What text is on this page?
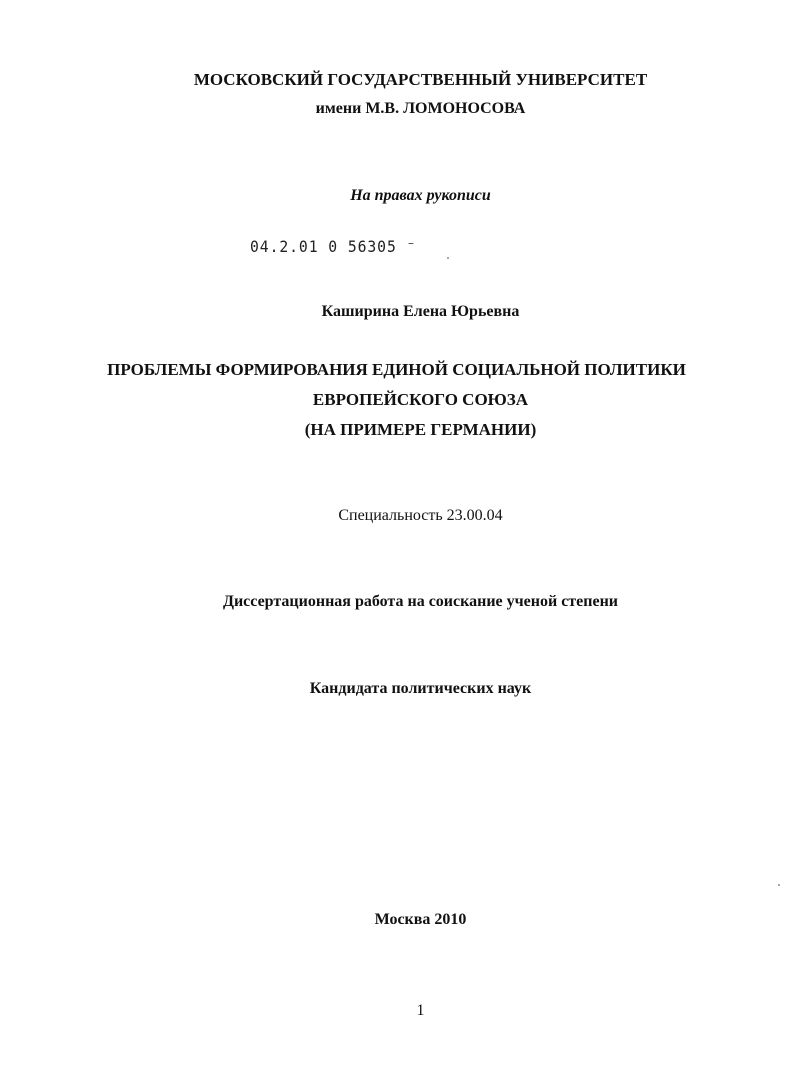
МОСКОВСКИЙ ГОСУДАРСТВЕННЫЙ УНИВЕРСИТЕТ
имени М.В. ЛОМОНОСОВА
На правах рукописи
04.2.01 0 56305 ⁻
Каширина Елена Юрьевна
ПРОБЛЕМЫ ФОРМИРОВАНИЯ ЕДИНОЙ СОЦИАЛЬНОЙ ПОЛИТИКИ
ЕВРОПЕЙСКОГО СОЮЗА
(НА ПРИМЕРЕ ГЕРМАНИИ)
Специальность 23.00.04
Диссертационная работа на соискание ученой степени
Кандидата политических наук
Москва 2010
1
